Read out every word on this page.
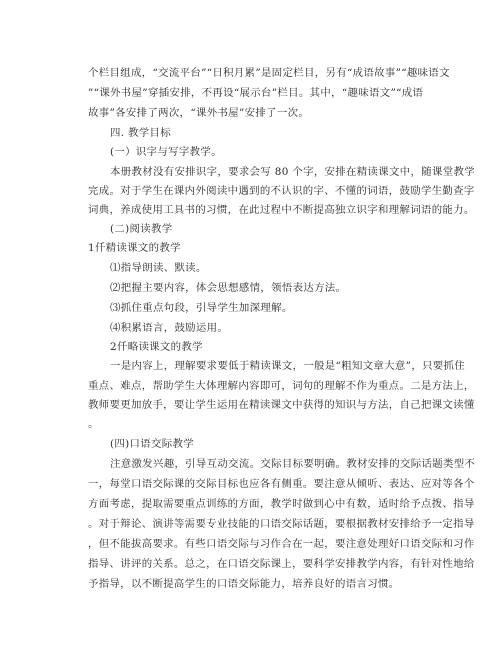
个栏目组成，“交流平台”“日积月累”是固定栏目，另有“成语故事”“趣味语文
”“课外书屋”穿插安排，不再设“展示台”栏目。其中，“趣味语文”“成语
故事”各安排了两次，“课外书屋”安排了一次。
四. 教学目标
(一）识字与写字教学。
本册教材没有安排识字，要求会写 80 个字，安排在精读课文中，随课堂教学
完成。对于学生在课内外阅读中遇到的不认识的字、不懂的词语，鼓励学生勤查字
词典，养成使用工具书的习惯，在此过程中不断提高独立识字和理解词语的能力。
(二)阅读教学
1仟精读课文的教学
⑴指导朗读、默读。
⑵把握主要内容，体会思想感情，领悟表达方法。
⑶抓住重点句段，引导学生加深理解。
⑷积累语言，鼓励运用。
2仟略读课文的教学
一是内容上，理解要求要低于精读课文，一般是“粗知文章大意”，只要抓住
重点、难点，帮助学生大体理解内容即可，词句的理解不作为重点。二是方法上，
教师要更加放手，要让学生运用在精读课文中获得的知识与方法，自己把课文读懂
。
(四)口语交际教学
注意激发兴趣，引导互动交流。交际目标要明确。教材安排的交际话题类型不
一，每堂口语交际课的交际目标也应各有侧重。要注意从倾听、表达、应对等各个
方面考虑，提取需要重点训练的方面，教学时做到心中有数，适时给予点拨、指导
。对于辩论、演讲等需要专业技能的口语交际话题，要根据教材安排给予一定指导
，但不能拔高要求。有些口语交际与习作合在一起，要注意处理好口语交际和习作
指导、讲评的关系。总之，在口语交际课上，要科学安排教学内容，有针对性地给
予指导，以不断提高学生的口语交际能力，培养良好的语言习惯。
